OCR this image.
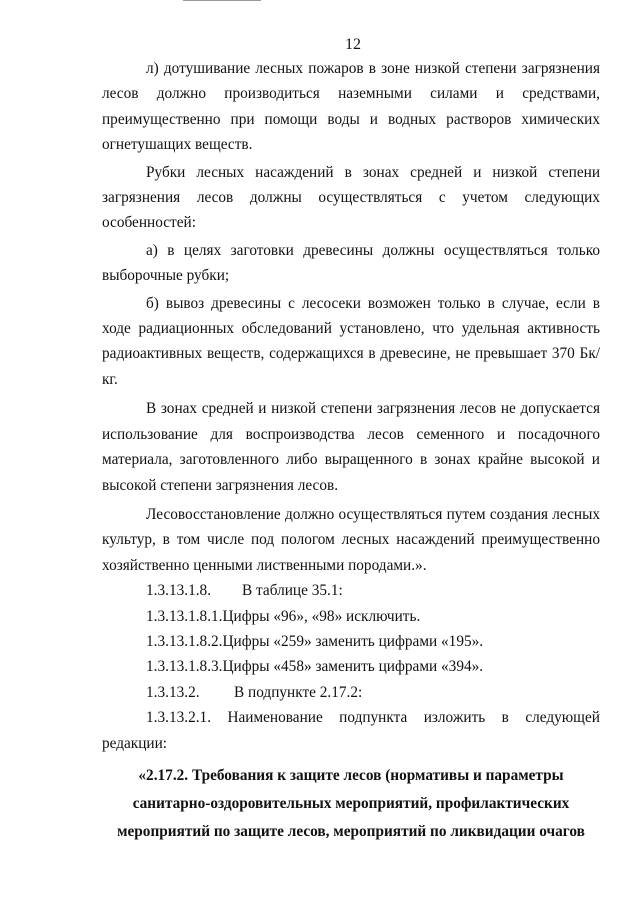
12

л) дотушивание лесных пожаров в зоне низкой степени загрязнения лесов должно производиться наземными силами и средствами, преимущественно при помощи воды и водных растворов химических огнетушащих веществ.

Рубки лесных насаждений в зонах средней и низкой степени загрязнения лесов должны осуществляться с учетом следующих особенностей:

а) в целях заготовки древесины должны осуществляться только выборочные рубки;

б) вывоз древесины с лесосеки возможен только в случае, если в ходе радиационных обследований установлено, что удельная активность радиоактивных веществ, содержащихся в древесине, не превышает 370 Бк/кг.

В зонах средней и низкой степени загрязнения лесов не допускается использование для воспроизводства лесов семенного и посадочного материала, заготовленного либо выращенного в зонах крайне высокой и высокой степени загрязнения лесов.

Лесовосстановление должно осуществляться путем создания лесных культур, в том числе под пологом лесных насаждений преимущественно хозяйственно ценными лиственными породами.».

1.3.13.1.8. В таблице 35.1:

1.3.13.1.8.1.Цифры «96», «98» исключить.

1.3.13.1.8.2.Цифры «259» заменить цифрами «195».

1.3.13.1.8.3.Цифры «458» заменить цифрами «394».

1.3.13.2. В подпункте 2.17.2:

1.3.13.2.1. Наименование подпункта изложить в следующей

редакции:

«2.17.2. Требования к защите лесов (нормативы и параметры
санитарно-оздоровительных мероприятий, профилактических
мероприятий по защите лесов, мероприятий по ликвидации очагов
